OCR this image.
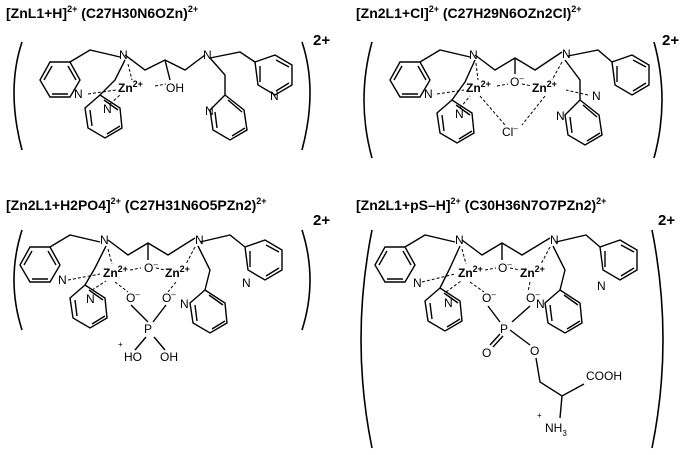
$[ZnL1+H]^{2+}$ $(C27H30N6OZn)^{2+}$
2+
N	N
OH
N
N
$Zn^{2+}$
N
N
$[Zn2L1+Cl]^{2+}$ $(C27H29N6OZn2Cl)^{2+}$
2+
N	N
O–
N
N
$Zn^{2+}$	$Zn^{2+}$
Cl–
N
N
$[Zn2L1+H2PO4]^{2+}$ $(C27H31N6O5PZn2)^{2+}$
2+
N	N
O–
N
N
$Zn^{2+}$	$Zn^{2+}$
O– O–
P
HO
+
OH
N
N
$[Zn2L1+pS-H]^{2+}$ $(C30H36N7O7PZn2)^{2+}$
2+
N	N
O–
N
N
$Zn^{2+}$	$Zn^{2+}$
O–	O–
P
O	O
COOH
+
$NH_3$
N
N
